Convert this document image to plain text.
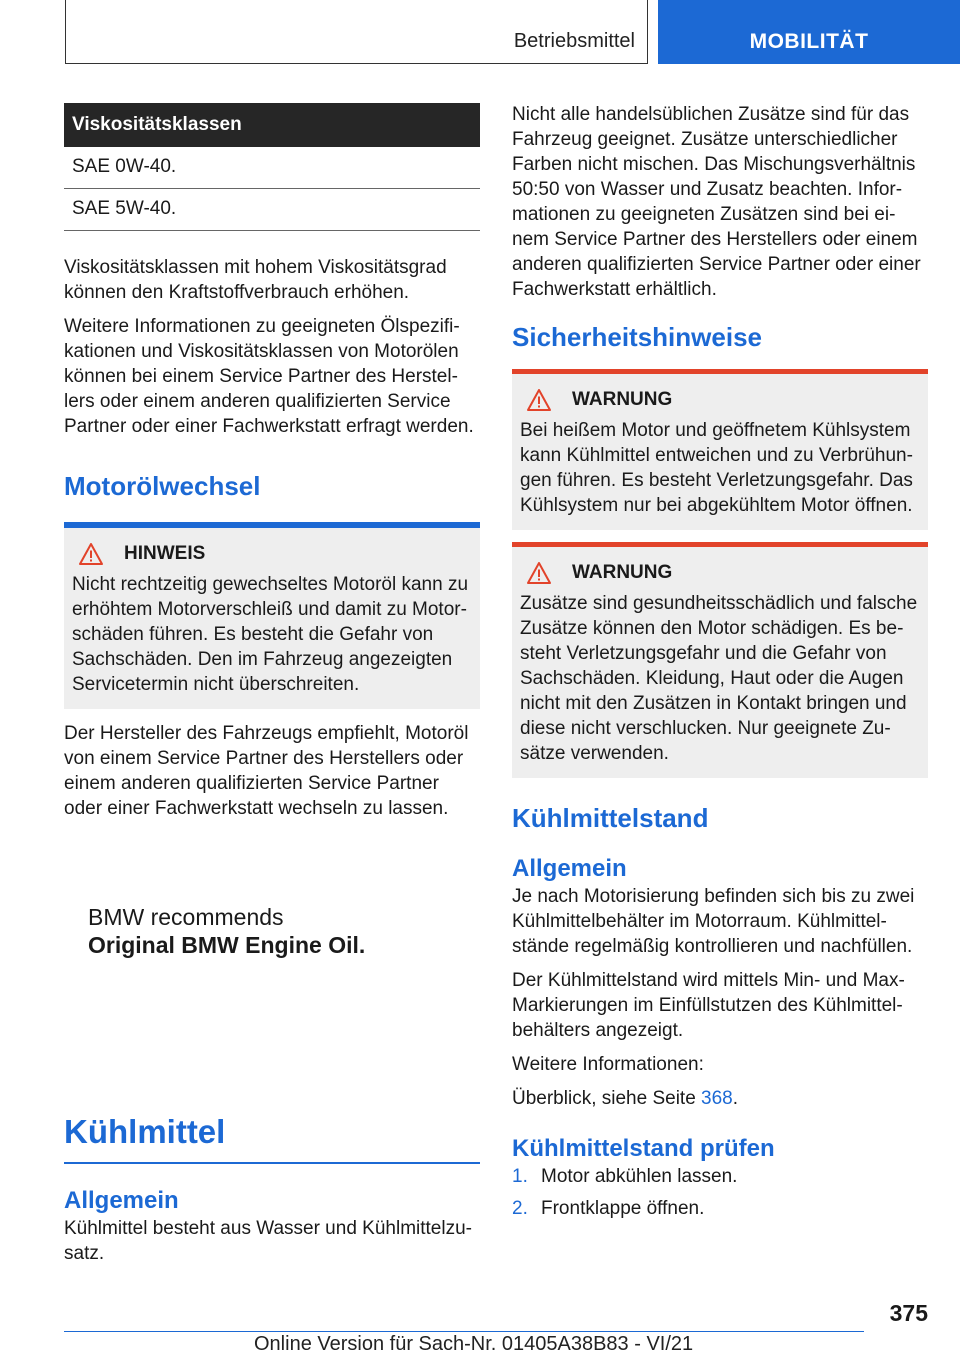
Betriebsmittel	MOBILITÄT
Viskositätsklassen
SAE 0W-40.
SAE 5W-40.

Viskositätsklassen mit hohem Viskositätsgrad können den Kraftstoffverbrauch erhöhen.

Weitere Informationen zu geeigneten Ölspezifi-kationen und Viskositätsklassen von Motorölen können bei einem Service Partner des Herstel-lers oder einem anderen qualifizierten Service Partner oder einer Fachwerkstatt erfragt werden.

Motorölwechsel
HINWEIS

Nicht rechtzeitig gewechseltes Motoröl kann zu erhöhtem Motorverschleiß und damit zu Motor-schäden führen. Es besteht die Gefahr von Sachschäden. Den im Fahrzeug angezeigten Servicetermin nicht überschreiten.

Der Hersteller des Fahrzeugs empfiehlt, Motoröl von einem Service Partner des Herstellers oder einem anderen qualifizierten Service Partner oder einer Fachwerkstatt wechseln zu lassen.

BMW recommends
Original BMW Engine Oil.
Kühlmittel
Allgemein

Kühlmittel besteht aus Wasser und Kühlmittelzu-satz.

Nicht alle handelsüblichen Zusätze sind für das Fahrzeug geeignet. Zusätze unterschiedlicher Farben nicht mischen. Das Mischungsverhältnis 50:50 von Wasser und Zusatz beachten. Infor-mationen zu geeigneten Zusätzen sind bei ei-nem Service Partner des Herstellers oder einem anderen qualifizierten Service Partner oder einer Fachwerkstatt erhältlich.

Sicherheitshinweise
WARNUNG

Bei heißem Motor und geöffnetem Kühlsystem kann Kühlmittel entweichen und zu Verbrühun-gen führen. Es besteht Verletzungsgefahr. Das Kühlsystem nur bei abgekühltem Motor öffnen.

WARNUNG

Zusätze sind gesundheitsschädlich und falsche Zusätze können den Motor schädigen. Es be-steht Verletzungsgefahr und die Gefahr von Sachschäden. Kleidung, Haut oder die Augen nicht mit den Zusätzen in Kontakt bringen und diese nicht verschlucken. Nur geeignete Zu-sätze verwenden.

Kühlmittelstand
Allgemein

Je nach Motorisierung befinden sich bis zu zwei Kühlmittelbehälter im Motorraum. Kühlmittel-stände regelmäßig kontrollieren und nachfüllen.

Der Kühlmittelstand wird mittels Min- und Max-Markierungen im Einfüllstutzen des Kühlmittel-behälters angezeigt.

Weitere Informationen:

Überblick, siehe Seite 368.

Kühlmittelstand prüfen
1. Motor abkühlen lassen.
2. Frontklappe öffnen.
375
Online Version für Sach-Nr. 01405A38B83 - VI/21
